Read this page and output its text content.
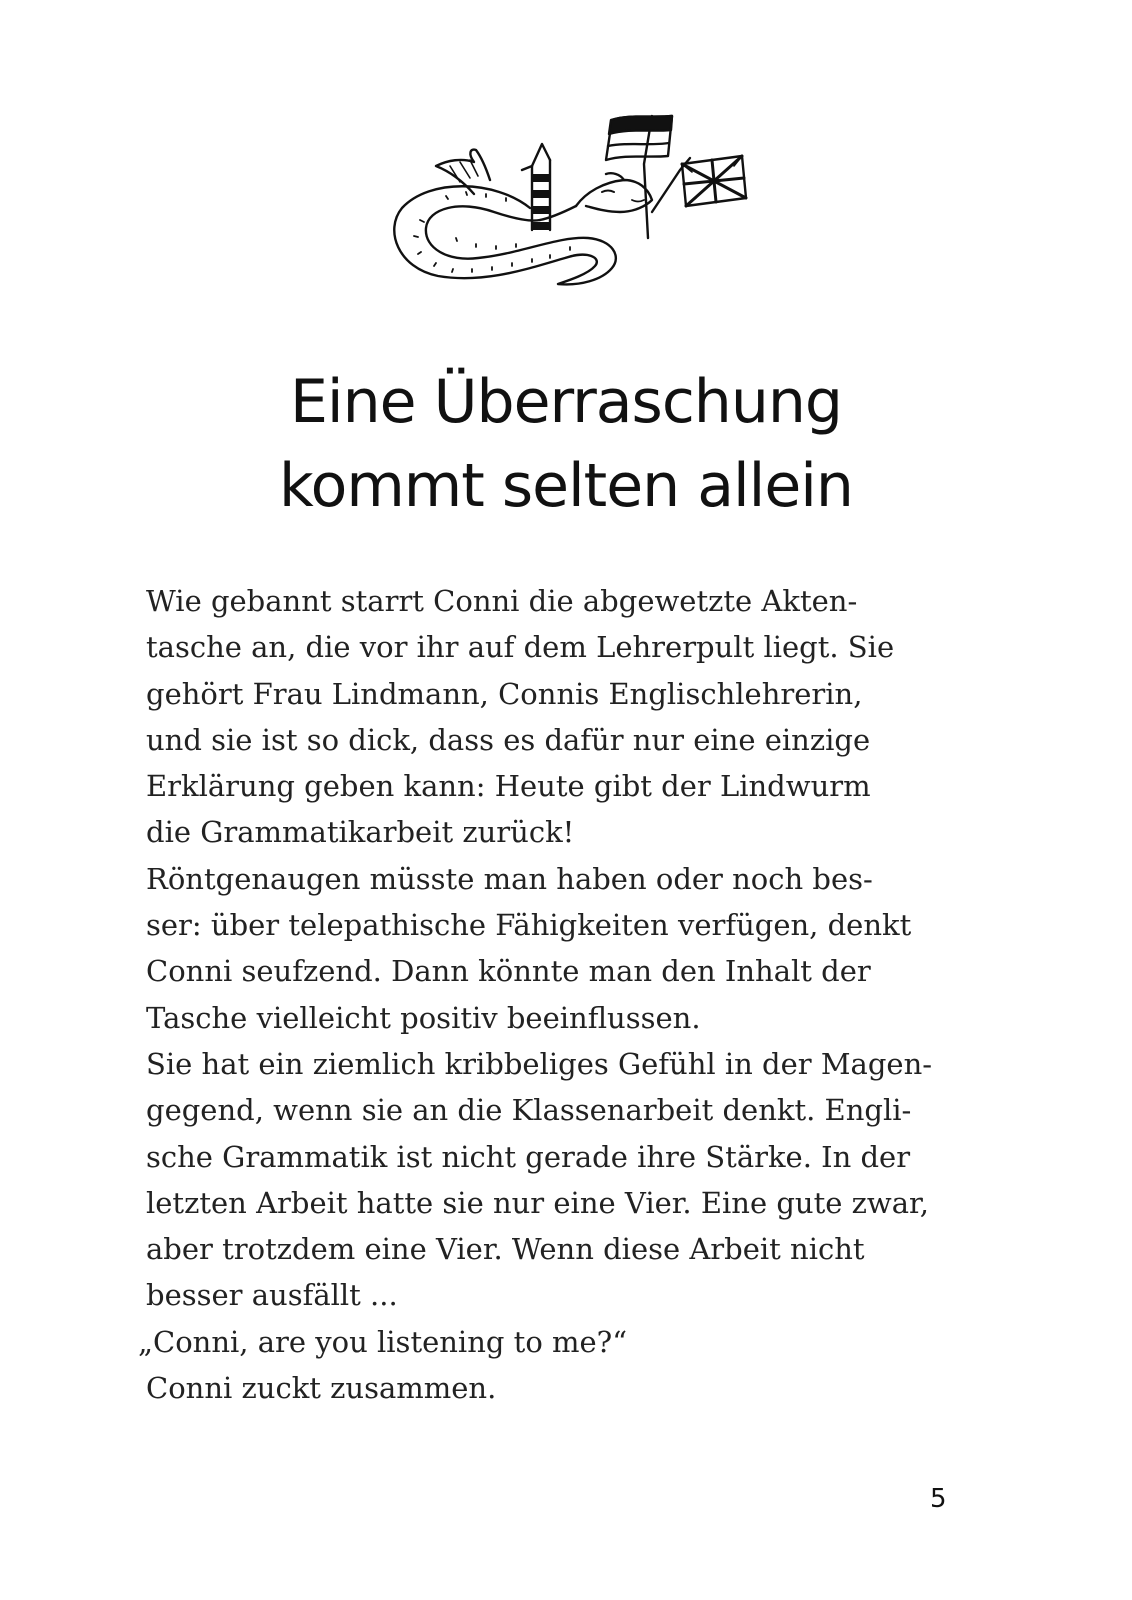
Eine Überraschung
kommt selten allein
Wie gebannt starrt Conni die abgewetzte Akten-
tasche an, die vor ihr auf dem Lehrerpult liegt. Sie
gehört Frau Lindmann, Connis Englischlehrerin,
und sie ist so dick, dass es dafür nur eine einzige
Erklärung geben kann: Heute gibt der Lindwurm
die Grammatikarbeit zurück!
Röntgenaugen müsste man haben oder noch bes-
ser: über telepathische Fähigkeiten verfügen, denkt
Conni seufzend. Dann könnte man den Inhalt der
Tasche vielleicht positiv beeinflussen.
Sie hat ein ziemlich kribbeliges Gefühl in der Magen-
gegend, wenn sie an die Klassenarbeit denkt. Engli-
sche Grammatik ist nicht gerade ihre Stärke. In der
letzten Arbeit hatte sie nur eine Vier. Eine gute zwar,
aber trotzdem eine Vier. Wenn diese Arbeit nicht
besser ausfällt ...
„Conni, are you listening to me?“
Conni zuckt zusammen.
5
